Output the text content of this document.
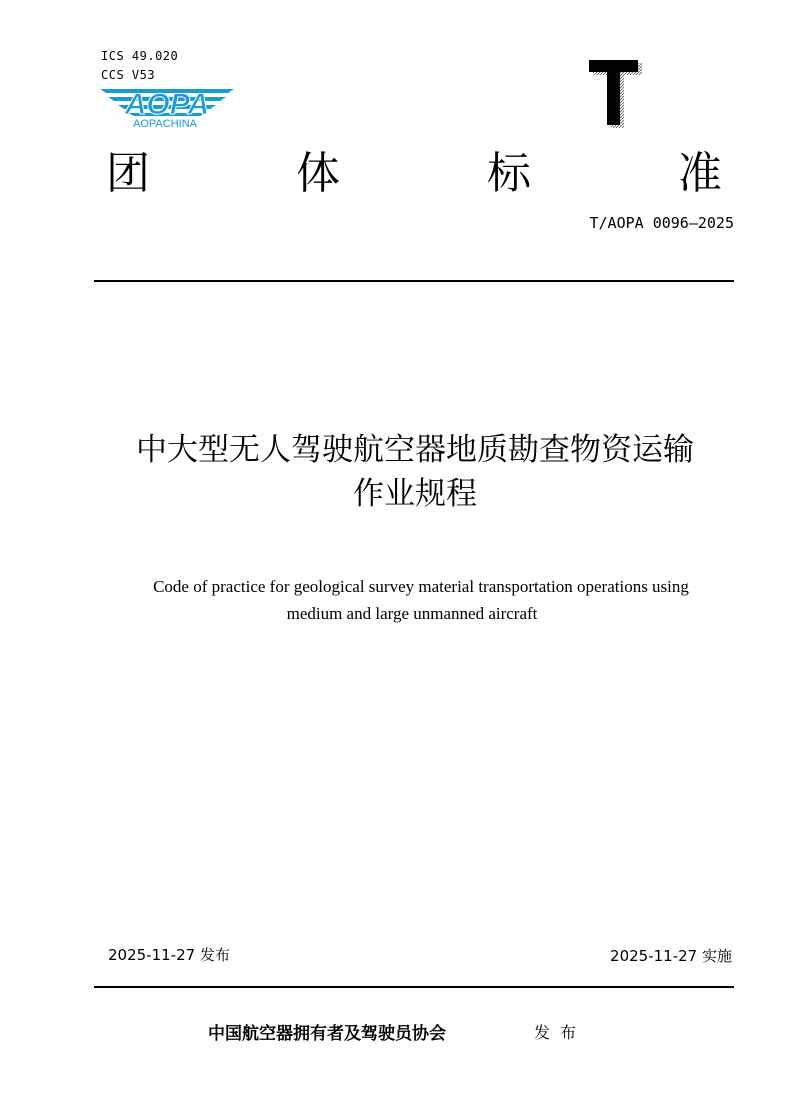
ICS 49.020
CCS V53
AOPA
AOPACHINA
T
团	体	标	准
T/AOPA 0096—2025
中大型无人驾驶航空器地质勘查物资运输
作业规程
Code of practice for geological survey material transportation operations using
medium and large unmanned aircraft
2025-11-27 发布	2025-11-27 实施
中国航空器拥有者及驾驶员协会	发布
